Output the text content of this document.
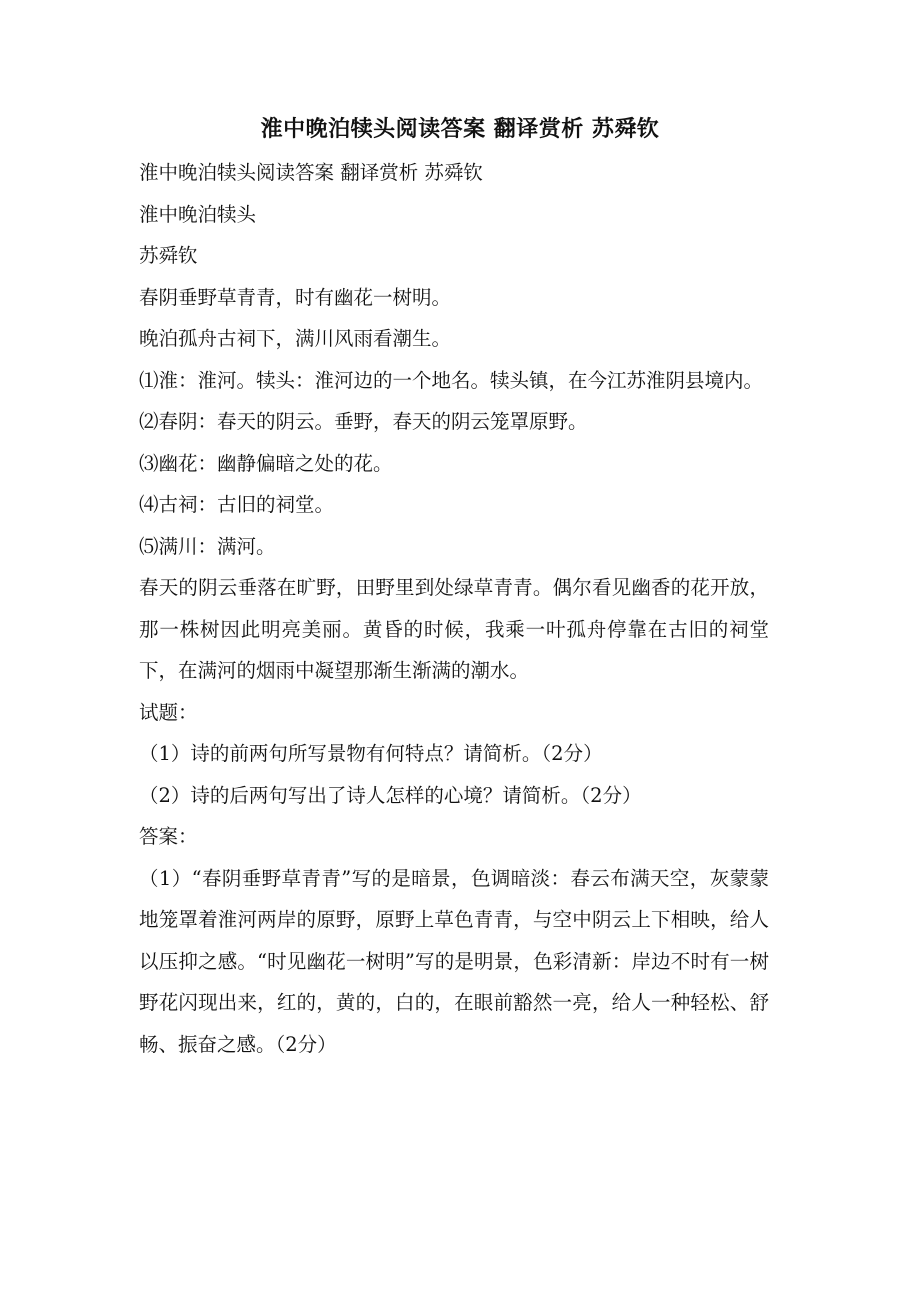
淮中晚泊犊头阅读答案 翻译赏析 苏舜钦
淮中晚泊犊头阅读答案 翻译赏析 苏舜钦
淮中晚泊犊头
苏舜钦
春阴垂野草青青，时有幽花一树明。
晚泊孤舟古祠下，满川风雨看潮生。
⑴淮：淮河。犊头：淮河边的一个地名。犊头镇，在今江苏淮阴县境内。
⑵春阴：春天的阴云。垂野，春天的阴云笼罩原野。
⑶幽花：幽静偏暗之处的花。
⑷古祠：古旧的祠堂。
⑸满川：满河。
春天的阴云垂落在旷野，田野里到处绿草青青。偶尔看见幽香的花开放，那一株树因此明亮美丽。黄昏的时候，我乘一叶孤舟停靠在古旧的祠堂下，在满河的烟雨中凝望那渐生渐满的潮水。
试题：
（1）诗的前两句所写景物有何特点？请简析。（2分）
（2）诗的后两句写出了诗人怎样的心境？请简析。（2分）
答案：
（1）“春阴垂野草青青”写的是暗景，色调暗淡：春云布满天空，灰蒙蒙地笼罩着淮河两岸的原野，原野上草色青青，与空中阴云上下相映，给人以压抑之感。“时见幽花一树明”写的是明景，色彩清新：岸边不时有一树野花闪现出来，红的，黄的，白的，在眼前豁然一亮，给人一种轻松、舒畅、振奋之感。（2分）
